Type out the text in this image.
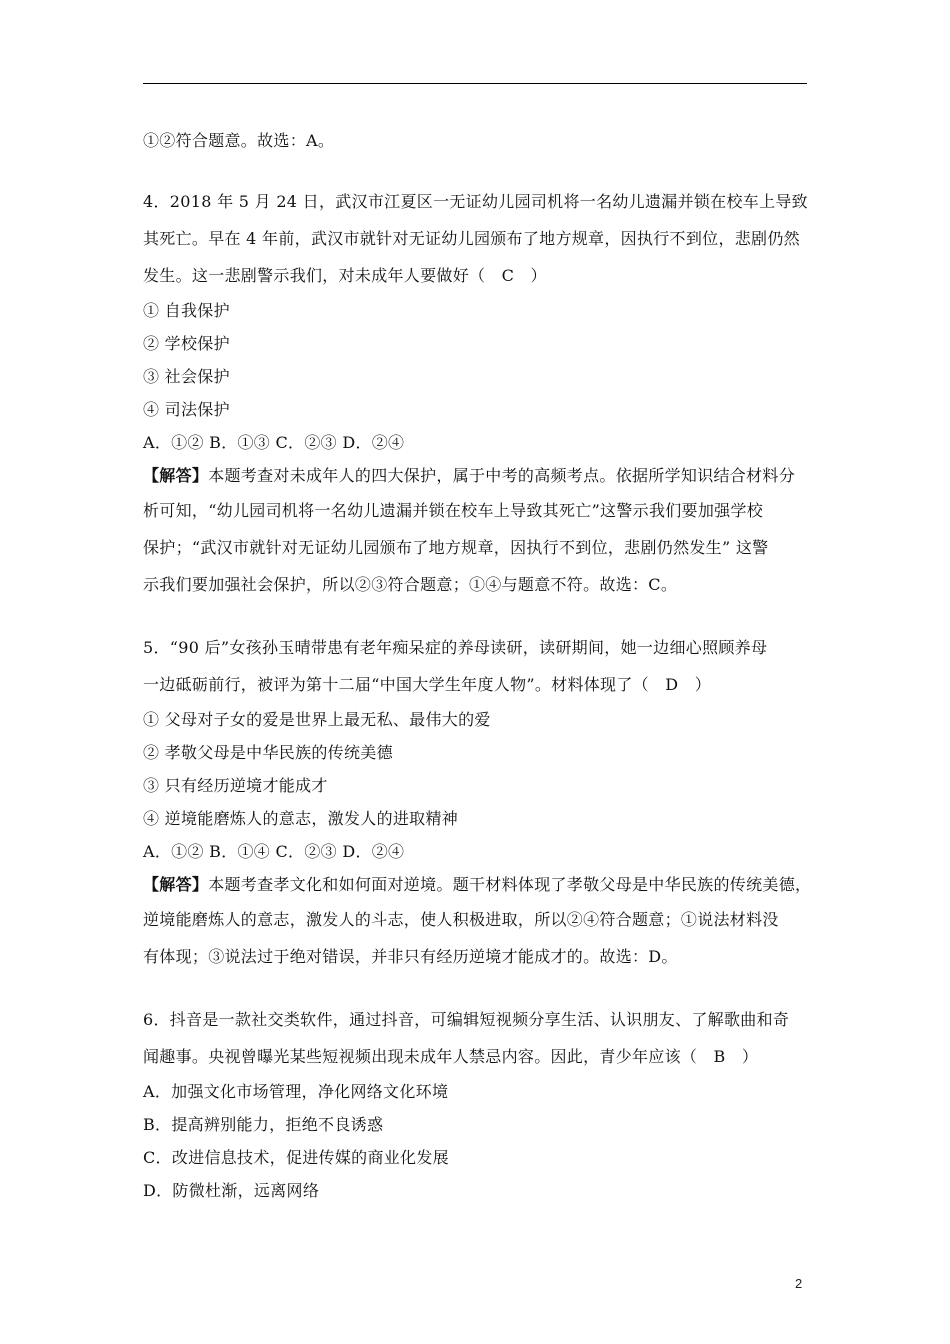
①②符合题意。故选：A。
4．2018 年 5 月 24 日，武汉市江夏区一无证幼儿园司机将一名幼儿遗漏并锁在校车上导致
其死亡。早在 4 年前，武汉市就针对无证幼儿园颁布了地方规章，因执行不到位，悲剧仍然
发生。这一悲剧警示我们，对未成年人要做好（　C　）
① 自我保护
② 学校保护
③ 社会保护
④ 司法保护
A．①② B．①③ C．②③ D．②④
【解答】本题考查对未成年人的四大保护，属于中考的高频考点。依据所学知识结合材料分
析可知，“幼儿园司机将一名幼儿遗漏并锁在校车上导致其死亡”这警示我们要加强学校
保护；“武汉市就针对无证幼儿园颁布了地方规章，因执行不到位，悲剧仍然发生” 这警
示我们要加强社会保护，所以②③符合题意；①④与题意不符。故选：C。
5．“90 后”女孩孙玉晴带患有老年痴呆症的养母读研，读研期间，她一边细心照顾养母
一边砥砺前行，被评为第十二届“中国大学生年度人物”。材料体现了（　D　）
① 父母对子女的爱是世界上最无私、最伟大的爱
② 孝敬父母是中华民族的传统美德
③ 只有经历逆境才能成才
④ 逆境能磨炼人的意志，激发人的进取精神
A．①② B．①④ C．②③ D．②④
【解答】本题考查孝文化和如何面对逆境。题干材料体现了孝敬父母是中华民族的传统美德，
逆境能磨炼人的意志，激发人的斗志，使人积极进取，所以②④符合题意；①说法材料没
有体现；③说法过于绝对错误，并非只有经历逆境才能成才的。故选：D。
6．抖音是一款社交类软件，通过抖音，可编辑短视频分享生活、认识朋友、了解歌曲和奇
闻趣事。央视曾曝光某些短视频出现未成年人禁忌内容。因此，青少年应该（　B　）
A．加强文化市场管理，净化网络文化环境
B．提高辨别能力，拒绝不良诱惑
C．改进信息技术，促进传媒的商业化发展
D．防微杜渐，远离网络
2
